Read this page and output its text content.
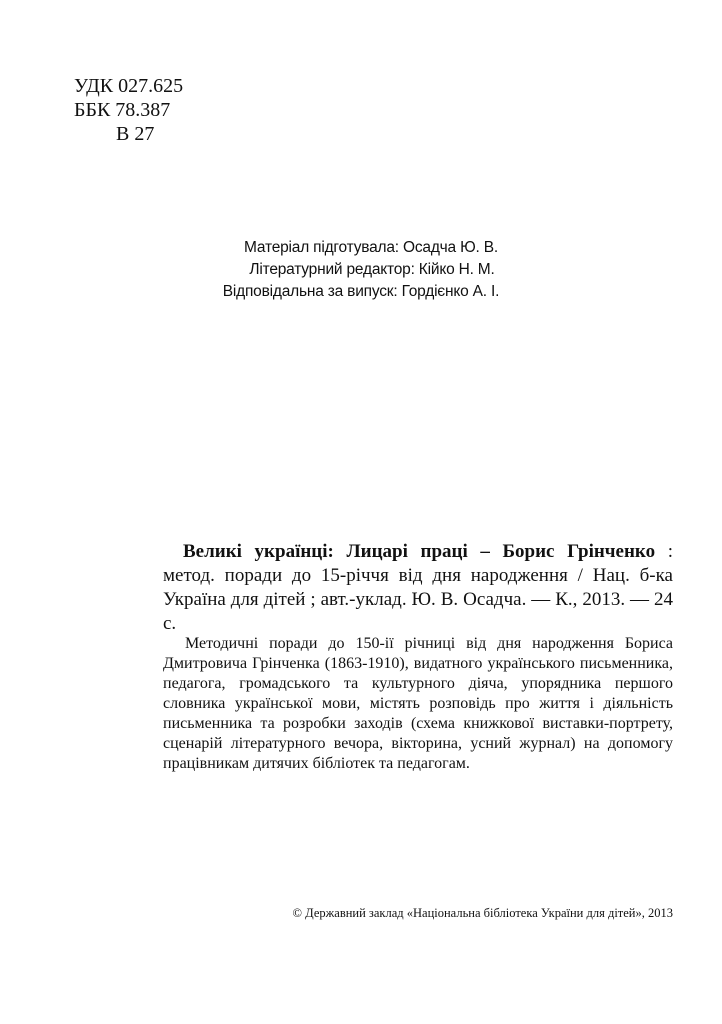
УДК 027.625
ББК 78.387
В 27
Матеріал підготувала: Осадча Ю. В.
Літературний редактор: Кійко Н. М.
Відповідальна за випуск: Гордієнко А. І.
Великі українці: Лицарі праці – Борис Грінченко : метод. поради до 15-річчя від дня народження / Нац. б-ка Україна для дітей ; авт.-уклад. Ю. В. Осадча. — К., 2013. — 24 с.
Методичні поради до 150-ії річниці від дня народження Бориса Дмитровича Грінченка (1863-1910), видатного українського письменника, педагога, громадського та культурного діяча, упорядника першого словника української мови, містять розповідь про життя і діяльність письменника та розробки заходів (схема книжкової виставки-портрету, сценарій літературного вечора, вікторина, усний журнал) на допомогу працівникам дитячих бібліотек та педагогам.
© Державний заклад «Національна бібліотека України для дітей», 2013
